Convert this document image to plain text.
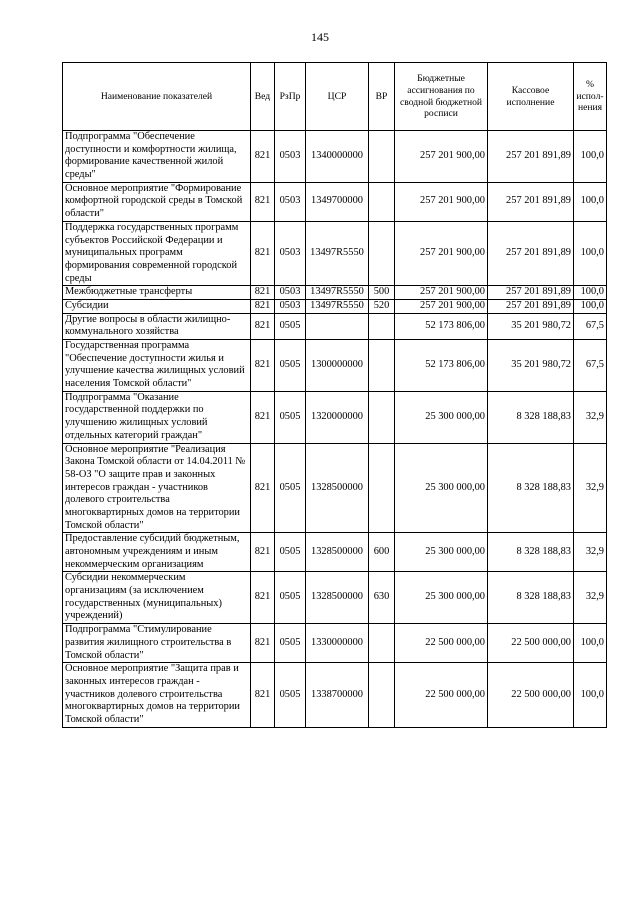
145
Наименование показателей	Вед	РзПр	ЦСР	ВР	Бюджетные ассигнования по сводной бюджетной росписи	Кассовое исполнение	% испол-нения
Подпрограмма "Обеспечение доступности и комфортности жилища, формирование качественной жилой среды"	821	0503	1340000000		257 201 900,00	257 201 891,89	100,0
Основное мероприятие "Формирование комфортной городской среды в Томской области"	821	0503	1349700000		257 201 900,00	257 201 891,89	100,0
Поддержка государственных программ субъектов Российской Федерации и муниципальных программ формирования современной городской среды	821	0503	13497R5550		257 201 900,00	257 201 891,89	100,0
Межбюджетные трансферты	821	0503	13497R5550	500	257 201 900,00	257 201 891,89	100,0
Субсидии	821	0503	13497R5550	520	257 201 900,00	257 201 891,89	100,0
Другие вопросы в области жилищно-коммунального хозяйства	821	0505			52 173 806,00	35 201 980,72	67,5
Государственная программа "Обеспечение доступности жилья и улучшение качества жилищных условий населения Томской области"	821	0505	1300000000		52 173 806,00	35 201 980,72	67,5
Подпрограмма "Оказание государственной поддержки по улучшению жилищных условий отдельных категорий граждан"	821	0505	1320000000		25 300 000,00	8 328 188,83	32,9
Основное мероприятие "Реализация Закона Томской области от 14.04.2011 № 58-ОЗ "О защите прав и законных интересов граждан - участников долевого строительства многоквартирных домов на территории Томской области"	821	0505	1328500000		25 300 000,00	8 328 188,83	32,9
Предоставление субсидий бюджетным, автономным учреждениям и иным некоммерческим организациям	821	0505	1328500000	600	25 300 000,00	8 328 188,83	32,9
Субсидии некоммерческим организациям (за исключением государственных (муниципальных) учреждений)	821	0505	1328500000	630	25 300 000,00	8 328 188,83	32,9
Подпрограмма "Стимулирование развития жилищного строительства в Томской области"	821	0505	1330000000		22 500 000,00	22 500 000,00	100,0
Основное мероприятие "Защита прав и законных интересов граждан - участников долевого строительства многоквартирных домов на территории Томской области"	821	0505	1338700000		22 500 000,00	22 500 000,00	100,0
